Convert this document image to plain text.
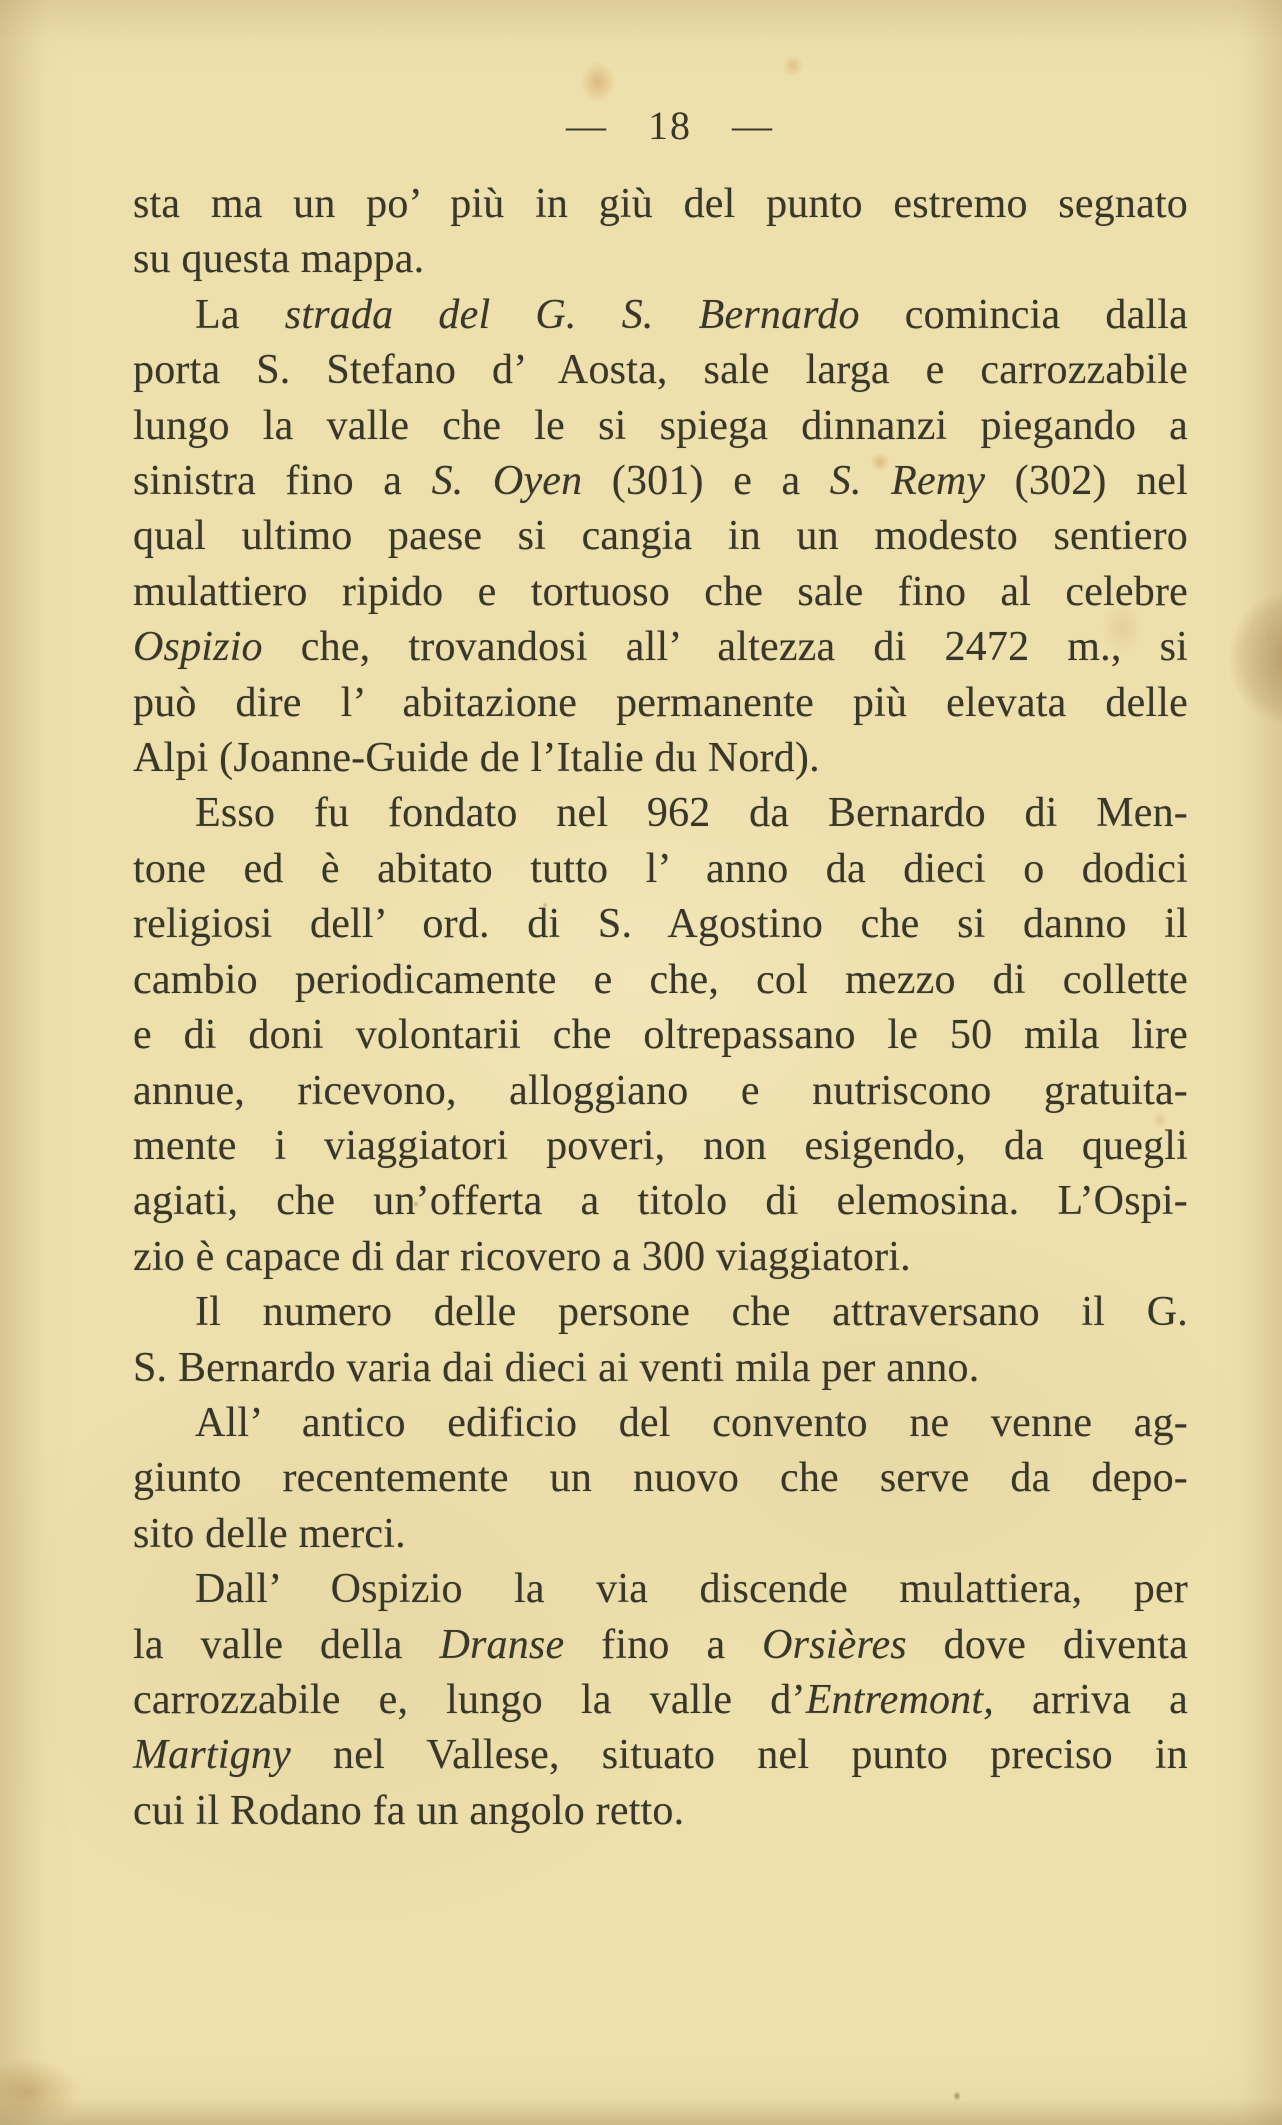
— 18 —
sta ma un po’ più in giù del punto estremo segnato
su questa mappa.
La strada del G. S. Bernardo comincia dalla
porta S. Stefano d’ Aosta, sale larga e carrozzabile
lungo la valle che le si spiega dinnanzi piegando a
sinistra fino a S. Oyen (301) e a S. Remy (302) nel
qual ultimo paese si cangia in un modesto sentiero
mulattiero ripido e tortuoso che sale fino al celebre
Ospizio che, trovandosi all’ altezza di 2472 m., si
può dire l’ abitazione permanente più elevata delle
Alpi (Joanne-Guide de l’Italie du Nord).
Esso fu fondato nel 962 da Bernardo di Men-
tone ed è abitato tutto l’ anno da dieci o dodici
religiosi dell’ ord. di S. Agostino che si danno il
cambio periodicamente e che, col mezzo di collette
e di doni volontarii che oltrepassano le 50 mila lire
annue, ricevono, alloggiano e nutriscono gratuita-
mente i viaggiatori poveri, non esigendo, da quegli
agiati, che un’offerta a titolo di elemosina. L’Ospi-
zio è capace di dar ricovero a 300 viaggiatori.
Il numero delle persone che attraversano il G.
S. Bernardo varia dai dieci ai venti mila per anno.
All’ antico edificio del convento ne venne ag-
giunto recentemente un nuovo che serve da depo-
sito delle merci.
Dall’ Ospizio la via discende mulattiera, per
la valle della Dranse fino a Orsières dove diventa
carrozzabile e, lungo la valle d’Entremont, arriva a
Martigny nel Vallese, situato nel punto preciso in
cui il Rodano fa un angolo retto.
